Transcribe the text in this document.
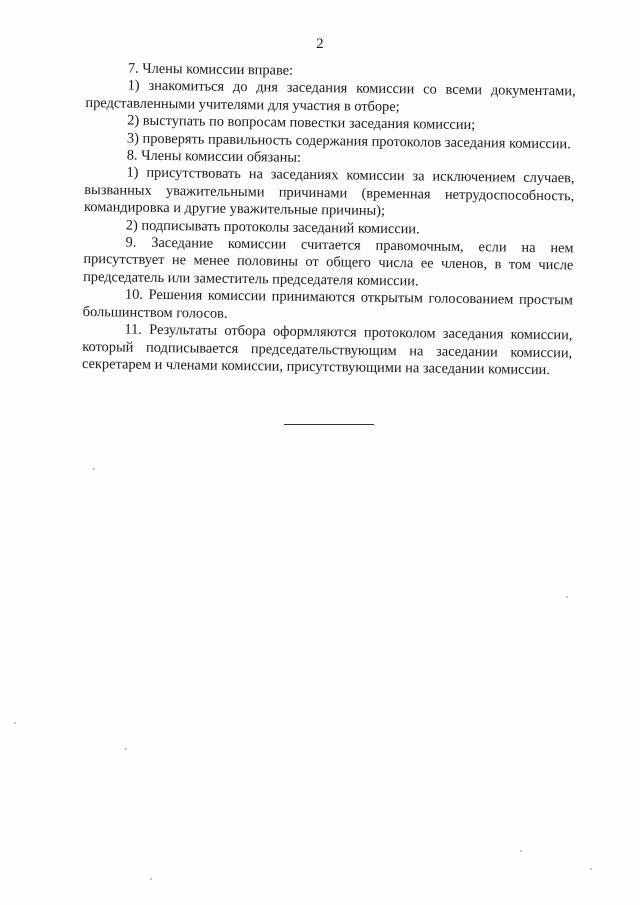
2

7. Члены комиссии вправе:

1) знакомиться до дня заседания комиссии со всеми документами, представленными учителями для участия в отборе;

2) выступать по вопросам повестки заседания комиссии;

3) проверять правильность содержания протоколов заседания комиссии.

8. Члены комиссии обязаны:

1) присутствовать на заседаниях комиссии за исключением случаев, вызванных уважительными причинами (временная нетрудоспособность, командировка и другие уважительные причины);

2) подписывать протоколы заседаний комиссии.

9. Заседание комиссии считается правомочным, если на нем присутствует не менее половины от общего числа ее членов, в том числе председатель или заместитель председателя комиссии.

10. Решения комиссии принимаются открытым голосованием простым большинством голосов.

11. Результаты отбора оформляются протоколом заседания комиссии, который подписывается председательствующим на заседании комиссии, секретарем и членами комиссии, присутствующими на заседании комиссии.
